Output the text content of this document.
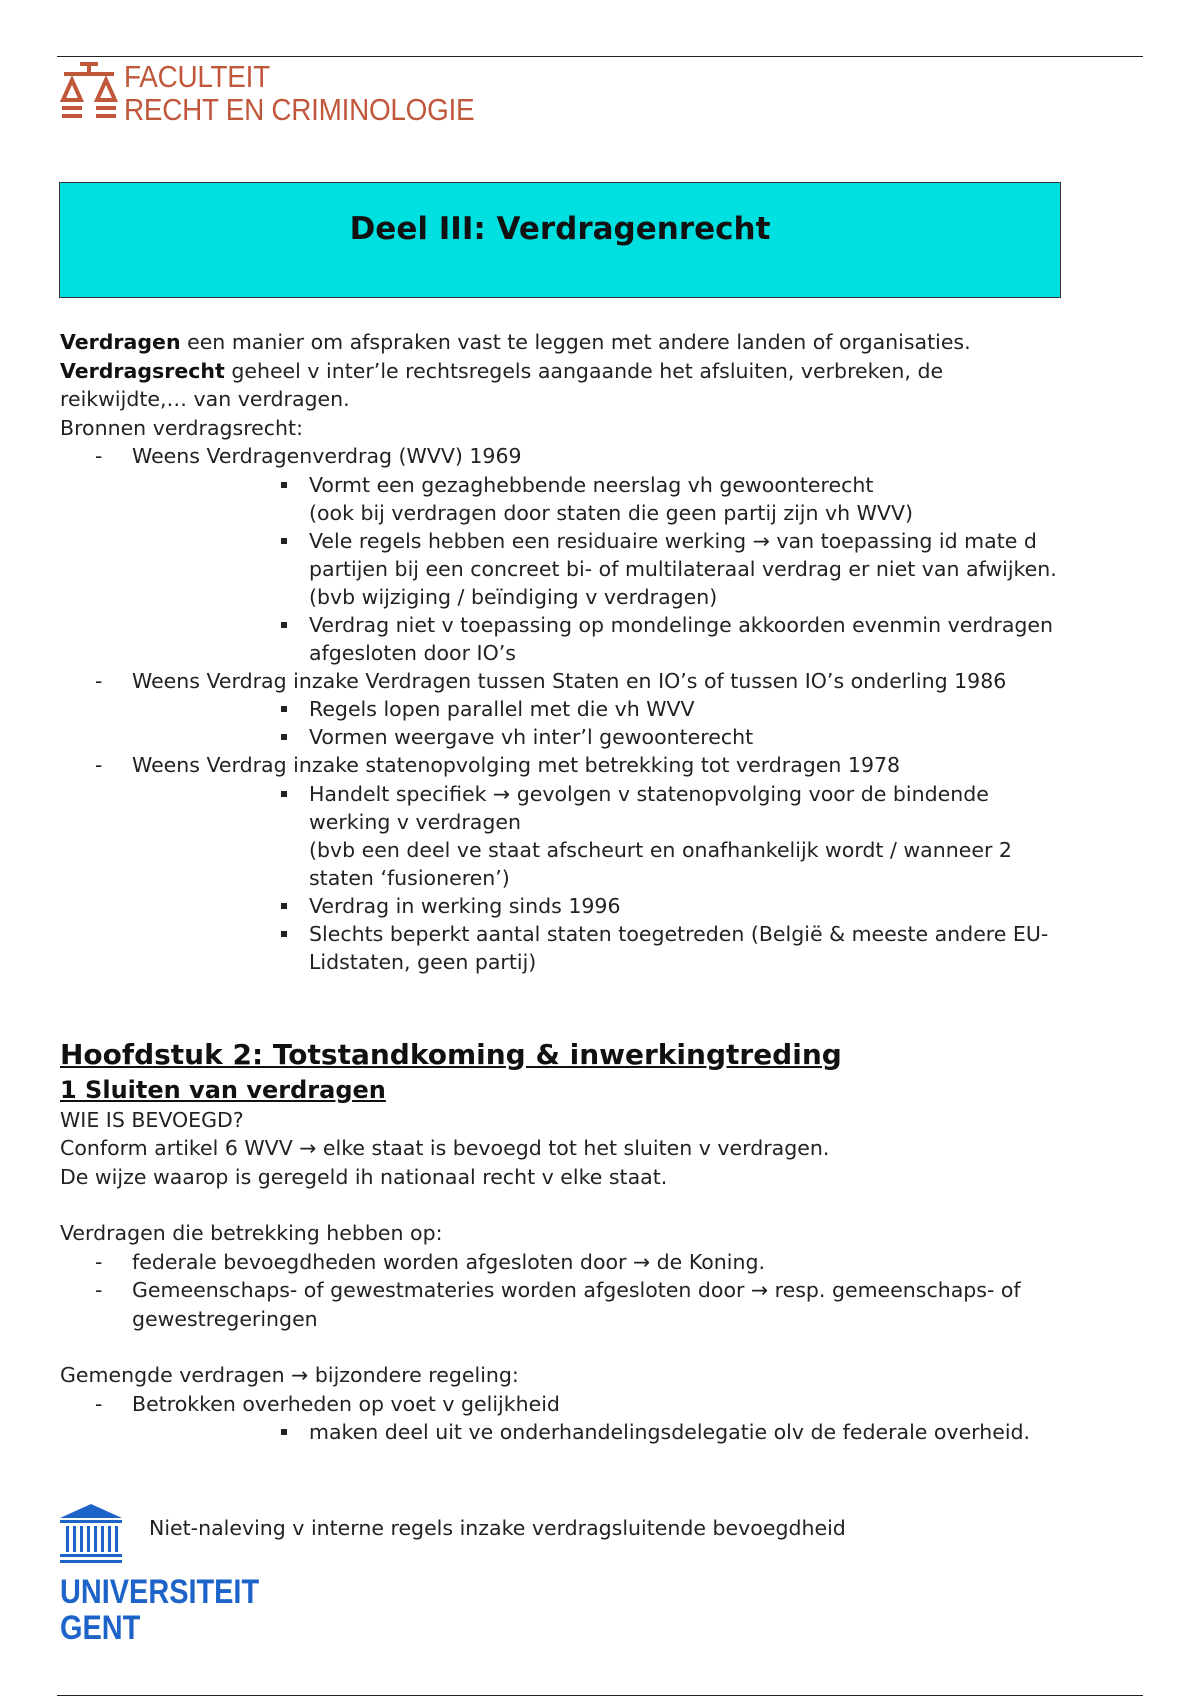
FACULTEIT
RECHT EN CRIMINOLOGIE
Deel III: Verdragenrecht

Verdragen een manier om afspraken vast te leggen met andere landen of organisaties.

Verdragsrecht geheel v inter’le rechtsregels aangaande het afsluiten, verbreken, de

reikwijdte,… van verdragen.

Bronnen verdragsrecht:

- Weens Verdragenverdrag (WVV) 1969
Vormt een gezaghebbende neerslag vh gewoonterecht
(ook bij verdragen door staten die geen partij zijn vh WVV)
Vele regels hebben een residuaire werking → van toepassing id mate d
partijen bij een concreet bi- of multilateraal verdrag er niet van afwijken.
(bvb wijziging / beïndiging v verdragen)
Verdrag niet v toepassing op mondelinge akkoorden evenmin verdragen
afgesloten door IO’s
- Weens Verdrag inzake Verdragen tussen Staten en IO’s of tussen IO’s onderling 1986
Regels lopen parallel met die vh WVV
Vormen weergave vh inter’l gewoonterecht
- Weens Verdrag inzake statenopvolging met betrekking tot verdragen 1978
Handelt specifiek → gevolgen v statenopvolging voor de bindende
werking v verdragen
(bvb een deel ve staat afscheurt en onafhankelijk wordt / wanneer 2
staten ‘fusioneren’)
Verdrag in werking sinds 1996
Slechts beperkt aantal staten toegetreden (België & meeste andere EU-
Lidstaten, geen partij)
Hoofdstuk 2: Totstandkoming & inwerkingtreding
1 Sluiten van verdragen

WIE IS BEVOEGD?

Conform artikel 6 WVV → elke staat is bevoegd tot het sluiten v verdragen.

De wijze waarop is geregeld ih nationaal recht v elke staat.

Verdragen die betrekking hebben op:

- federale bevoegdheden worden afgesloten door → de Koning.
- Gemeenschaps- of gewestmateries worden afgesloten door → resp. gemeenschaps- of
gewestregeringen

Gemengde verdragen → bijzondere regeling:

- Betrokken overheden op voet v gelijkheid
maken deel uit ve onderhandelingsdelegatie olv de federale overheid.
Niet-naleving v interne regels inzake verdragsluitende bevoegdheid
UNIVERSITEIT
GENT
